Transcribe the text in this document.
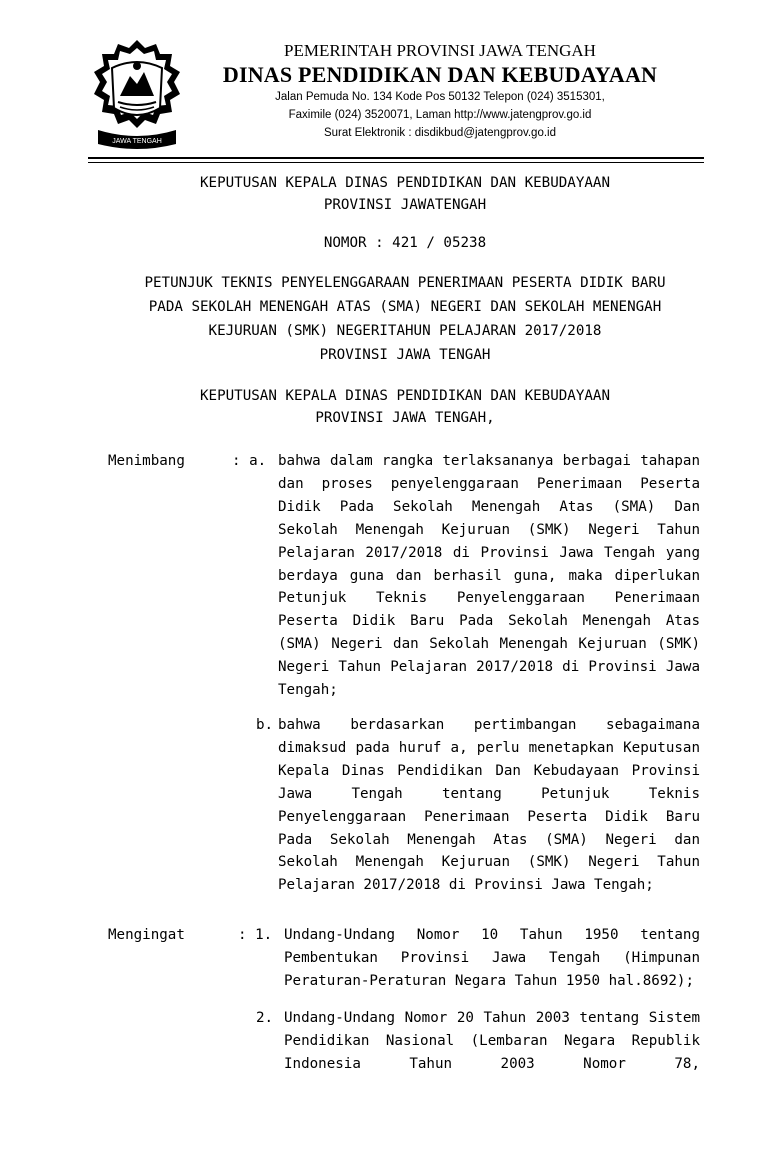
JAWA TENGAH
PEMERINTAH PROVINSI JAWA TENGAH
DINAS PENDIDIKAN DAN KEBUDAYAAN
Jalan Pemuda No. 134 Kode Pos 50132 Telepon (024) 3515301,
Faximile (024) 3520071, Laman http://www.jatengprov.go.id
Surat Elektronik : disdikbud@jatengprov.go.id
KEPUTUSAN KEPALA DINAS PENDIDIKAN DAN KEBUDAYAAN
PROVINSI JAWATENGAH
NOMOR : 421 / 05238
PETUNJUK TEKNIS PENYELENGGARAAN PENERIMAAN PESERTA DIDIK BARU
PADA SEKOLAH MENENGAH ATAS (SMA) NEGERI DAN SEKOLAH MENENGAH
KEJURUAN (SMK) NEGERITAHUN PELAJARAN 2017/2018
PROVINSI JAWA TENGAH
KEPUTUSAN KEPALA DINAS PENDIDIKAN DAN KEBUDAYAAN
PROVINSI JAWA TENGAH,
Menimbang	: a. bahwa dalam rangka terlaksananya berbagai tahapan dan proses penyelenggaraan Penerimaan Peserta Didik Pada Sekolah Menengah Atas (SMA) Dan Sekolah Menengah Kejuruan (SMK) Negeri Tahun Pelajaran 2017/2018 di Provinsi Jawa Tengah yang berdaya guna dan berhasil guna, maka diperlukan Petunjuk Teknis Penyelenggaraan Penerimaan Peserta Didik Baru Pada Sekolah Menengah Atas (SMA) Negeri dan Sekolah Menengah Kejuruan (SMK) Negeri Tahun Pelajaran 2017/2018 di Provinsi Jawa Tengah;
b. bahwa berdasarkan pertimbangan sebagaimana dimaksud pada huruf a, perlu menetapkan Keputusan Kepala Dinas Pendidikan Dan Kebudayaan Provinsi Jawa Tengah tentang Petunjuk Teknis Penyelenggaraan Penerimaan Peserta Didik Baru Pada Sekolah Menengah Atas (SMA) Negeri dan Sekolah Menengah Kejuruan (SMK) Negeri Tahun Pelajaran 2017/2018 di Provinsi Jawa Tengah;
Mengingat	: 1. Undang-Undang Nomor 10 Tahun 1950 tentang Pembentukan Provinsi Jawa Tengah (Himpunan Peraturan-Peraturan Negara Tahun 1950 hal.8692);
2. Undang-Undang Nomor 20 Tahun 2003 tentang Sistem Pendidikan Nasional (Lembaran Negara Republik Indonesia Tahun 2003 Nomor 78,
